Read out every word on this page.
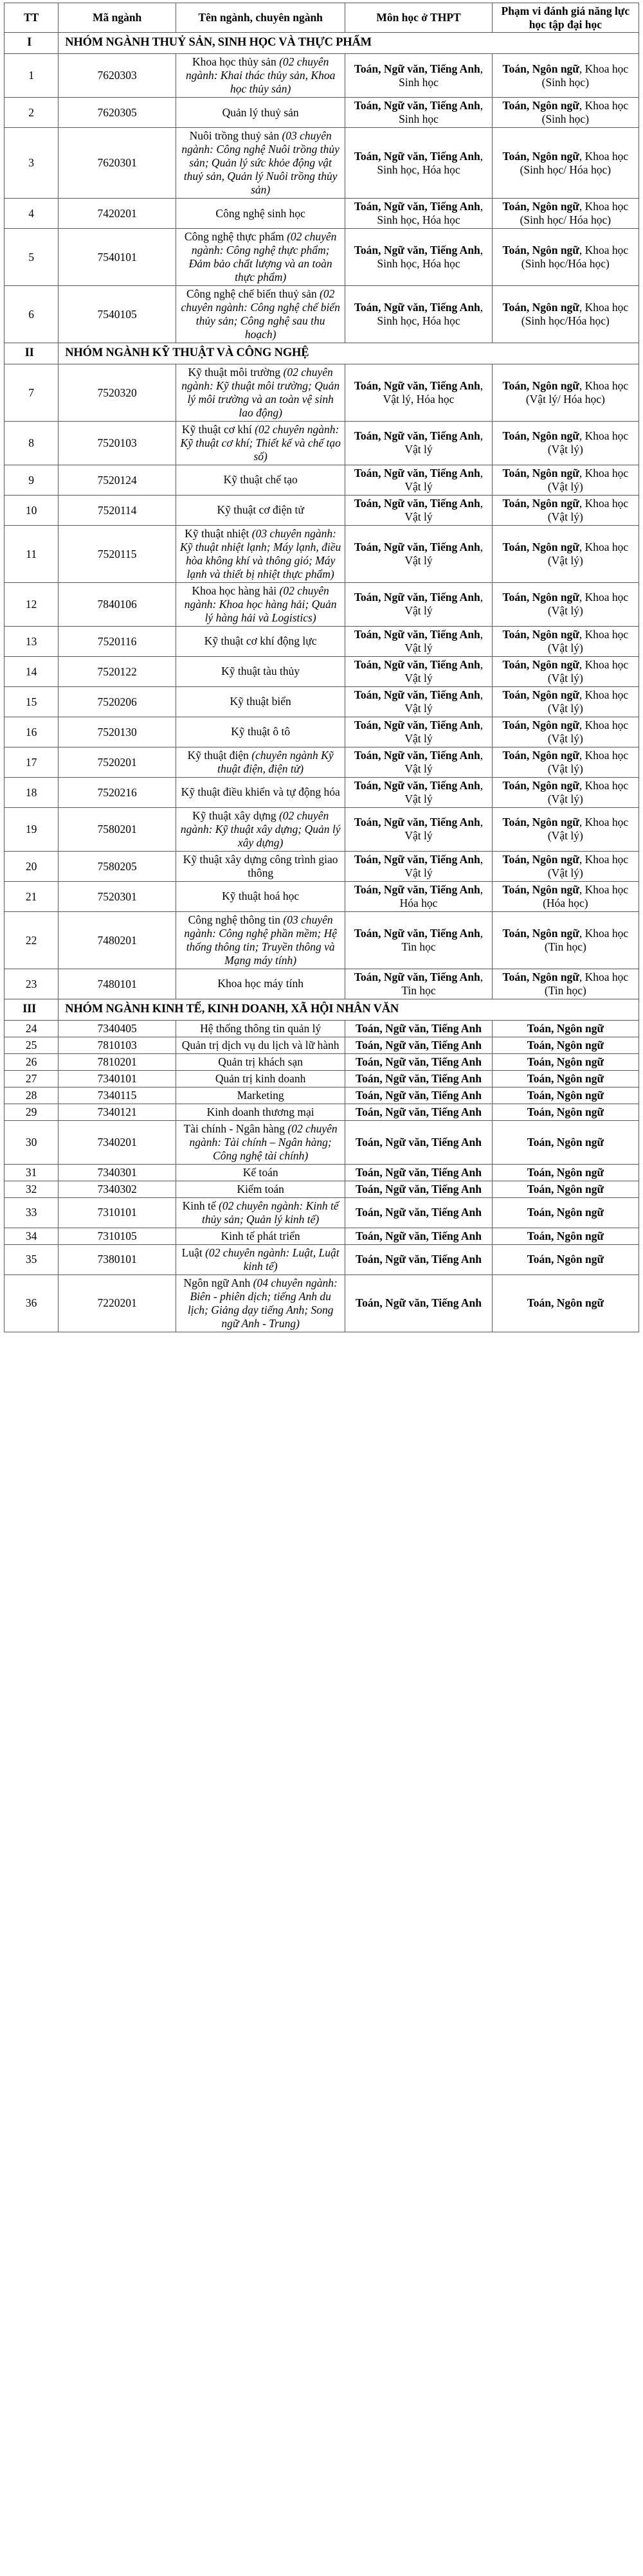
TT	Mã ngành	Tên ngành, chuyên ngành	Môn học ở THPT	Phạm vi đánh giá năng lực học tập đại học
I	NHÓM NGÀNH THUỶ SẢN, SINH HỌC VÀ THỰC PHẨM			
1	7620303	Khoa học thủy sản (02 chuyên ngành: Khai thác thủy sản, Khoa học thủy sản)	Toán, Ngữ văn, Tiếng Anh, Sinh học	Toán, Ngôn ngữ, Khoa học (Sinh học)
2	7620305	Quản lý thuỷ sản	Toán, Ngữ văn, Tiếng Anh, Sinh học	Toán, Ngôn ngữ, Khoa học (Sinh học)
3	7620301	Nuôi trồng thuỷ sản (03 chuyên ngành: Công nghệ Nuôi trồng thủy sản; Quản lý sức khỏe động vật thuỷ sản, Quản lý Nuôi trồng thủy sản)	Toán, Ngữ văn, Tiếng Anh, Sinh học, Hóa học	Toán, Ngôn ngữ, Khoa học (Sinh học/ Hóa học)
4	7420201	Công nghệ sinh học	Toán, Ngữ văn, Tiếng Anh, Sinh học, Hóa học	Toán, Ngôn ngữ, Khoa học (Sinh học/ Hóa học)
5	7540101	Công nghệ thực phẩm (02 chuyên ngành: Công nghệ thực phẩm; Đảm bảo chất lượng và an toàn thực phẩm)	Toán, Ngữ văn, Tiếng Anh, Sinh học, Hóa học	Toán, Ngôn ngữ, Khoa học (Sinh học/Hóa học)
6	7540105	Công nghệ chế biến thuỷ sản (02 chuyên ngành: Công nghệ chế biến thủy sản; Công nghệ sau thu hoạch)	Toán, Ngữ văn, Tiếng Anh, Sinh học, Hóa học	Toán, Ngôn ngữ, Khoa học (Sinh học/Hóa học)
II	NHÓM NGÀNH KỸ THUẬT VÀ CÔNG NGHỆ			
7	7520320	Kỹ thuật môi trường (02 chuyên ngành: Kỹ thuật môi trường; Quản lý môi trường và an toàn vệ sinh lao động)	Toán, Ngữ văn, Tiếng Anh, Vật lý, Hóa học	Toán, Ngôn ngữ, Khoa học (Vật lý/ Hóa học)
8	7520103	Kỹ thuật cơ khí (02 chuyên ngành: Kỹ thuật cơ khí; Thiết kế và chế tạo số)	Toán, Ngữ văn, Tiếng Anh, Vật lý	Toán, Ngôn ngữ, Khoa học (Vật lý)
9	7520124	Kỹ thuật chế tạo	Toán, Ngữ văn, Tiếng Anh, Vật lý	Toán, Ngôn ngữ, Khoa học (Vật lý)
10	7520114	Kỹ thuật cơ điện tử	Toán, Ngữ văn, Tiếng Anh, Vật lý	Toán, Ngôn ngữ, Khoa học (Vật lý)
11	7520115	Kỹ thuật nhiệt (03 chuyên ngành: Kỹ thuật nhiệt lạnh; Máy lạnh, điều hòa không khí và thông gió; Máy lạnh và thiết bị nhiệt thực phẩm)	Toán, Ngữ văn, Tiếng Anh, Vật lý	Toán, Ngôn ngữ, Khoa học (Vật lý)
12	7840106	Khoa học hàng hải (02 chuyên ngành: Khoa học hàng hải; Quản lý hàng hải và Logistics)	Toán, Ngữ văn, Tiếng Anh, Vật lý	Toán, Ngôn ngữ, Khoa học (Vật lý)
13	7520116	Kỹ thuật cơ khí động lực	Toán, Ngữ văn, Tiếng Anh, Vật lý	Toán, Ngôn ngữ, Khoa học (Vật lý)
14	7520122	Kỹ thuật tàu thủy	Toán, Ngữ văn, Tiếng Anh, Vật lý	Toán, Ngôn ngữ, Khoa học (Vật lý)
15	7520206	Kỹ thuật biển	Toán, Ngữ văn, Tiếng Anh, Vật lý	Toán, Ngôn ngữ, Khoa học (Vật lý)
16	7520130	Kỹ thuật ô tô	Toán, Ngữ văn, Tiếng Anh, Vật lý	Toán, Ngôn ngữ, Khoa học (Vật lý)
17	7520201	Kỹ thuật điện (chuyên ngành Kỹ thuật điện, điện tử)	Toán, Ngữ văn, Tiếng Anh, Vật lý	Toán, Ngôn ngữ, Khoa học (Vật lý)
18	7520216	Kỹ thuật điều khiển và tự động hóa	Toán, Ngữ văn, Tiếng Anh, Vật lý	Toán, Ngôn ngữ, Khoa học (Vật lý)
19	7580201	Kỹ thuật xây dựng (02 chuyên ngành: Kỹ thuật xây dựng; Quản lý xây dựng)	Toán, Ngữ văn, Tiếng Anh, Vật lý	Toán, Ngôn ngữ, Khoa học (Vật lý)
20	7580205	Kỹ thuật xây dựng công trình giao thông	Toán, Ngữ văn, Tiếng Anh, Vật lý	Toán, Ngôn ngữ, Khoa học (Vật lý)
21	7520301	Kỹ thuật hoá học	Toán, Ngữ văn, Tiếng Anh, Hóa học	Toán, Ngôn ngữ, Khoa học (Hóa học)
22	7480201	Công nghệ thông tin (03 chuyên ngành: Công nghệ phần mềm; Hệ thống thông tin; Truyền thông và Mạng máy tính)	Toán, Ngữ văn, Tiếng Anh, Tin học	Toán, Ngôn ngữ, Khoa học (Tin học)
23	7480101	Khoa học máy tính	Toán, Ngữ văn, Tiếng Anh, Tin học	Toán, Ngôn ngữ, Khoa học (Tin học)
III	NHÓM NGÀNH KINH TẾ, KINH DOANH, XÃ HỘI NHÂN VĂN			
24	7340405	Hệ thống thông tin quản lý	Toán, Ngữ văn, Tiếng Anh	Toán, Ngôn ngữ
25	7810103	Quản trị dịch vụ du lịch và lữ hành	Toán, Ngữ văn, Tiếng Anh	Toán, Ngôn ngữ
26	7810201	Quản trị khách sạn	Toán, Ngữ văn, Tiếng Anh	Toán, Ngôn ngữ
27	7340101	Quản trị kinh doanh	Toán, Ngữ văn, Tiếng Anh	Toán, Ngôn ngữ
28	7340115	Marketing	Toán, Ngữ văn, Tiếng Anh	Toán, Ngôn ngữ
29	7340121	Kinh doanh thương mại	Toán, Ngữ văn, Tiếng Anh	Toán, Ngôn ngữ
30	7340201	Tài chính - Ngân hàng (02 chuyên ngành: Tài chính – Ngân hàng; Công nghệ tài chính)	Toán, Ngữ văn, Tiếng Anh	Toán, Ngôn ngữ
31	7340301	Kế toán	Toán, Ngữ văn, Tiếng Anh	Toán, Ngôn ngữ
32	7340302	Kiểm toán	Toán, Ngữ văn, Tiếng Anh	Toán, Ngôn ngữ
33	7310101	Kinh tế (02 chuyên ngành: Kinh tế thủy sản; Quản lý kinh tế)	Toán, Ngữ văn, Tiếng Anh	Toán, Ngôn ngữ
34	7310105	Kinh tế phát triển	Toán, Ngữ văn, Tiếng Anh	Toán, Ngôn ngữ
35	7380101	Luật (02 chuyên ngành: Luật, Luật kinh tế)	Toán, Ngữ văn, Tiếng Anh	Toán, Ngôn ngữ
36	7220201	Ngôn ngữ Anh (04 chuyên ngành: Biên - phiên dịch; tiếng Anh du lịch; Giảng dạy tiếng Anh; Song ngữ Anh - Trung)	Toán, Ngữ văn, Tiếng Anh	Toán, Ngôn ngữ
